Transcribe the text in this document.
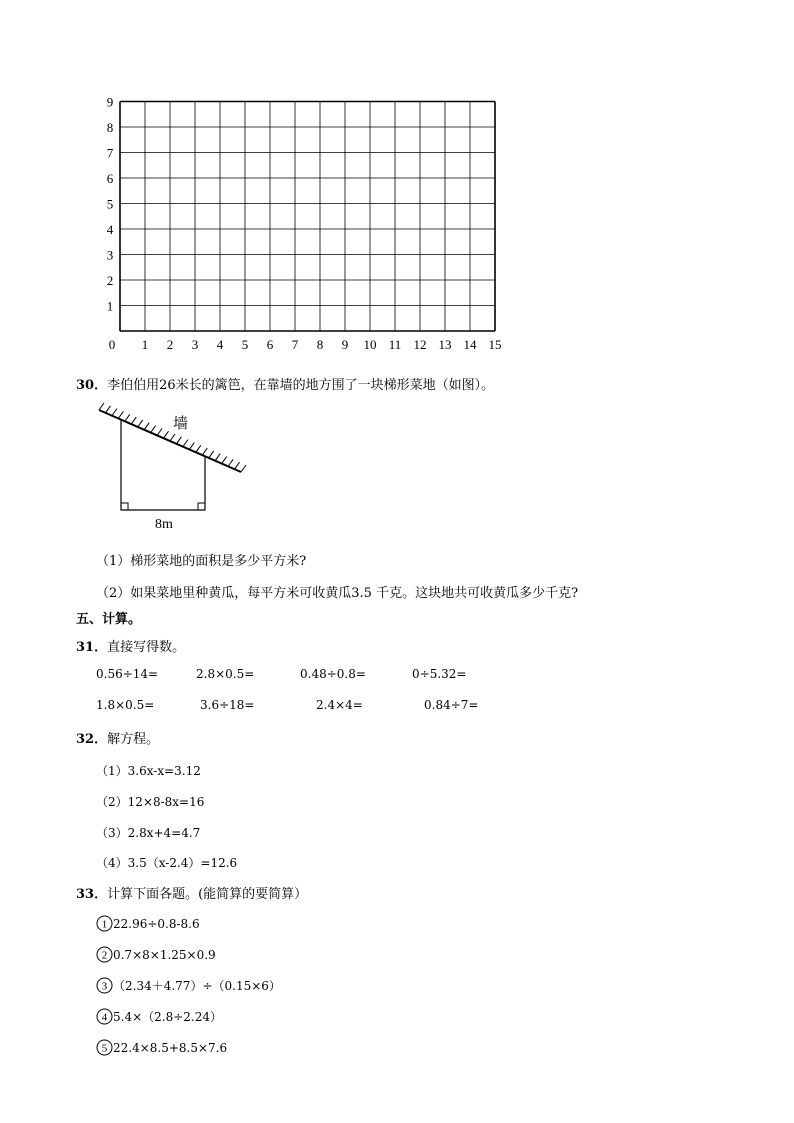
0 1 2 3 4 5 6 7 8 9 10 11 12 13 14 15
1
2
3
4
5
6
7
8
9
30．李伯伯用26米长的篱笆，在靠墙的地方围了一块梯形菜地（如图）。
墙
8m
（1）梯形菜地的面积是多少平方米?
（2）如果菜地里种黄瓜，每平方米可收黄瓜3.5 千克。这块地共可收黄瓜多少千克?
五、计算。
31．直接写得数。
0.56÷14=	2.8×0.5=	0.48÷0.8=	0÷5.32=
1.8×0.5=	3.6÷18=	2.4×4=	0.84÷7=
32．解方程。
（1）3.6x-x=3.12
（2）12×8-8x=16
（3）2.8x+4=4.7
（4）3.5（x-2.4）=12.6
33．计算下面各题。(能简算的要简算）
1 22.96÷0.8-8.6
2 0.7×8×1.25×0.9
3 （2.34＋4.77）÷（0.15×6）
4 5.4×（2.8÷2.24）
5 22.4×8.5+8.5×7.6
